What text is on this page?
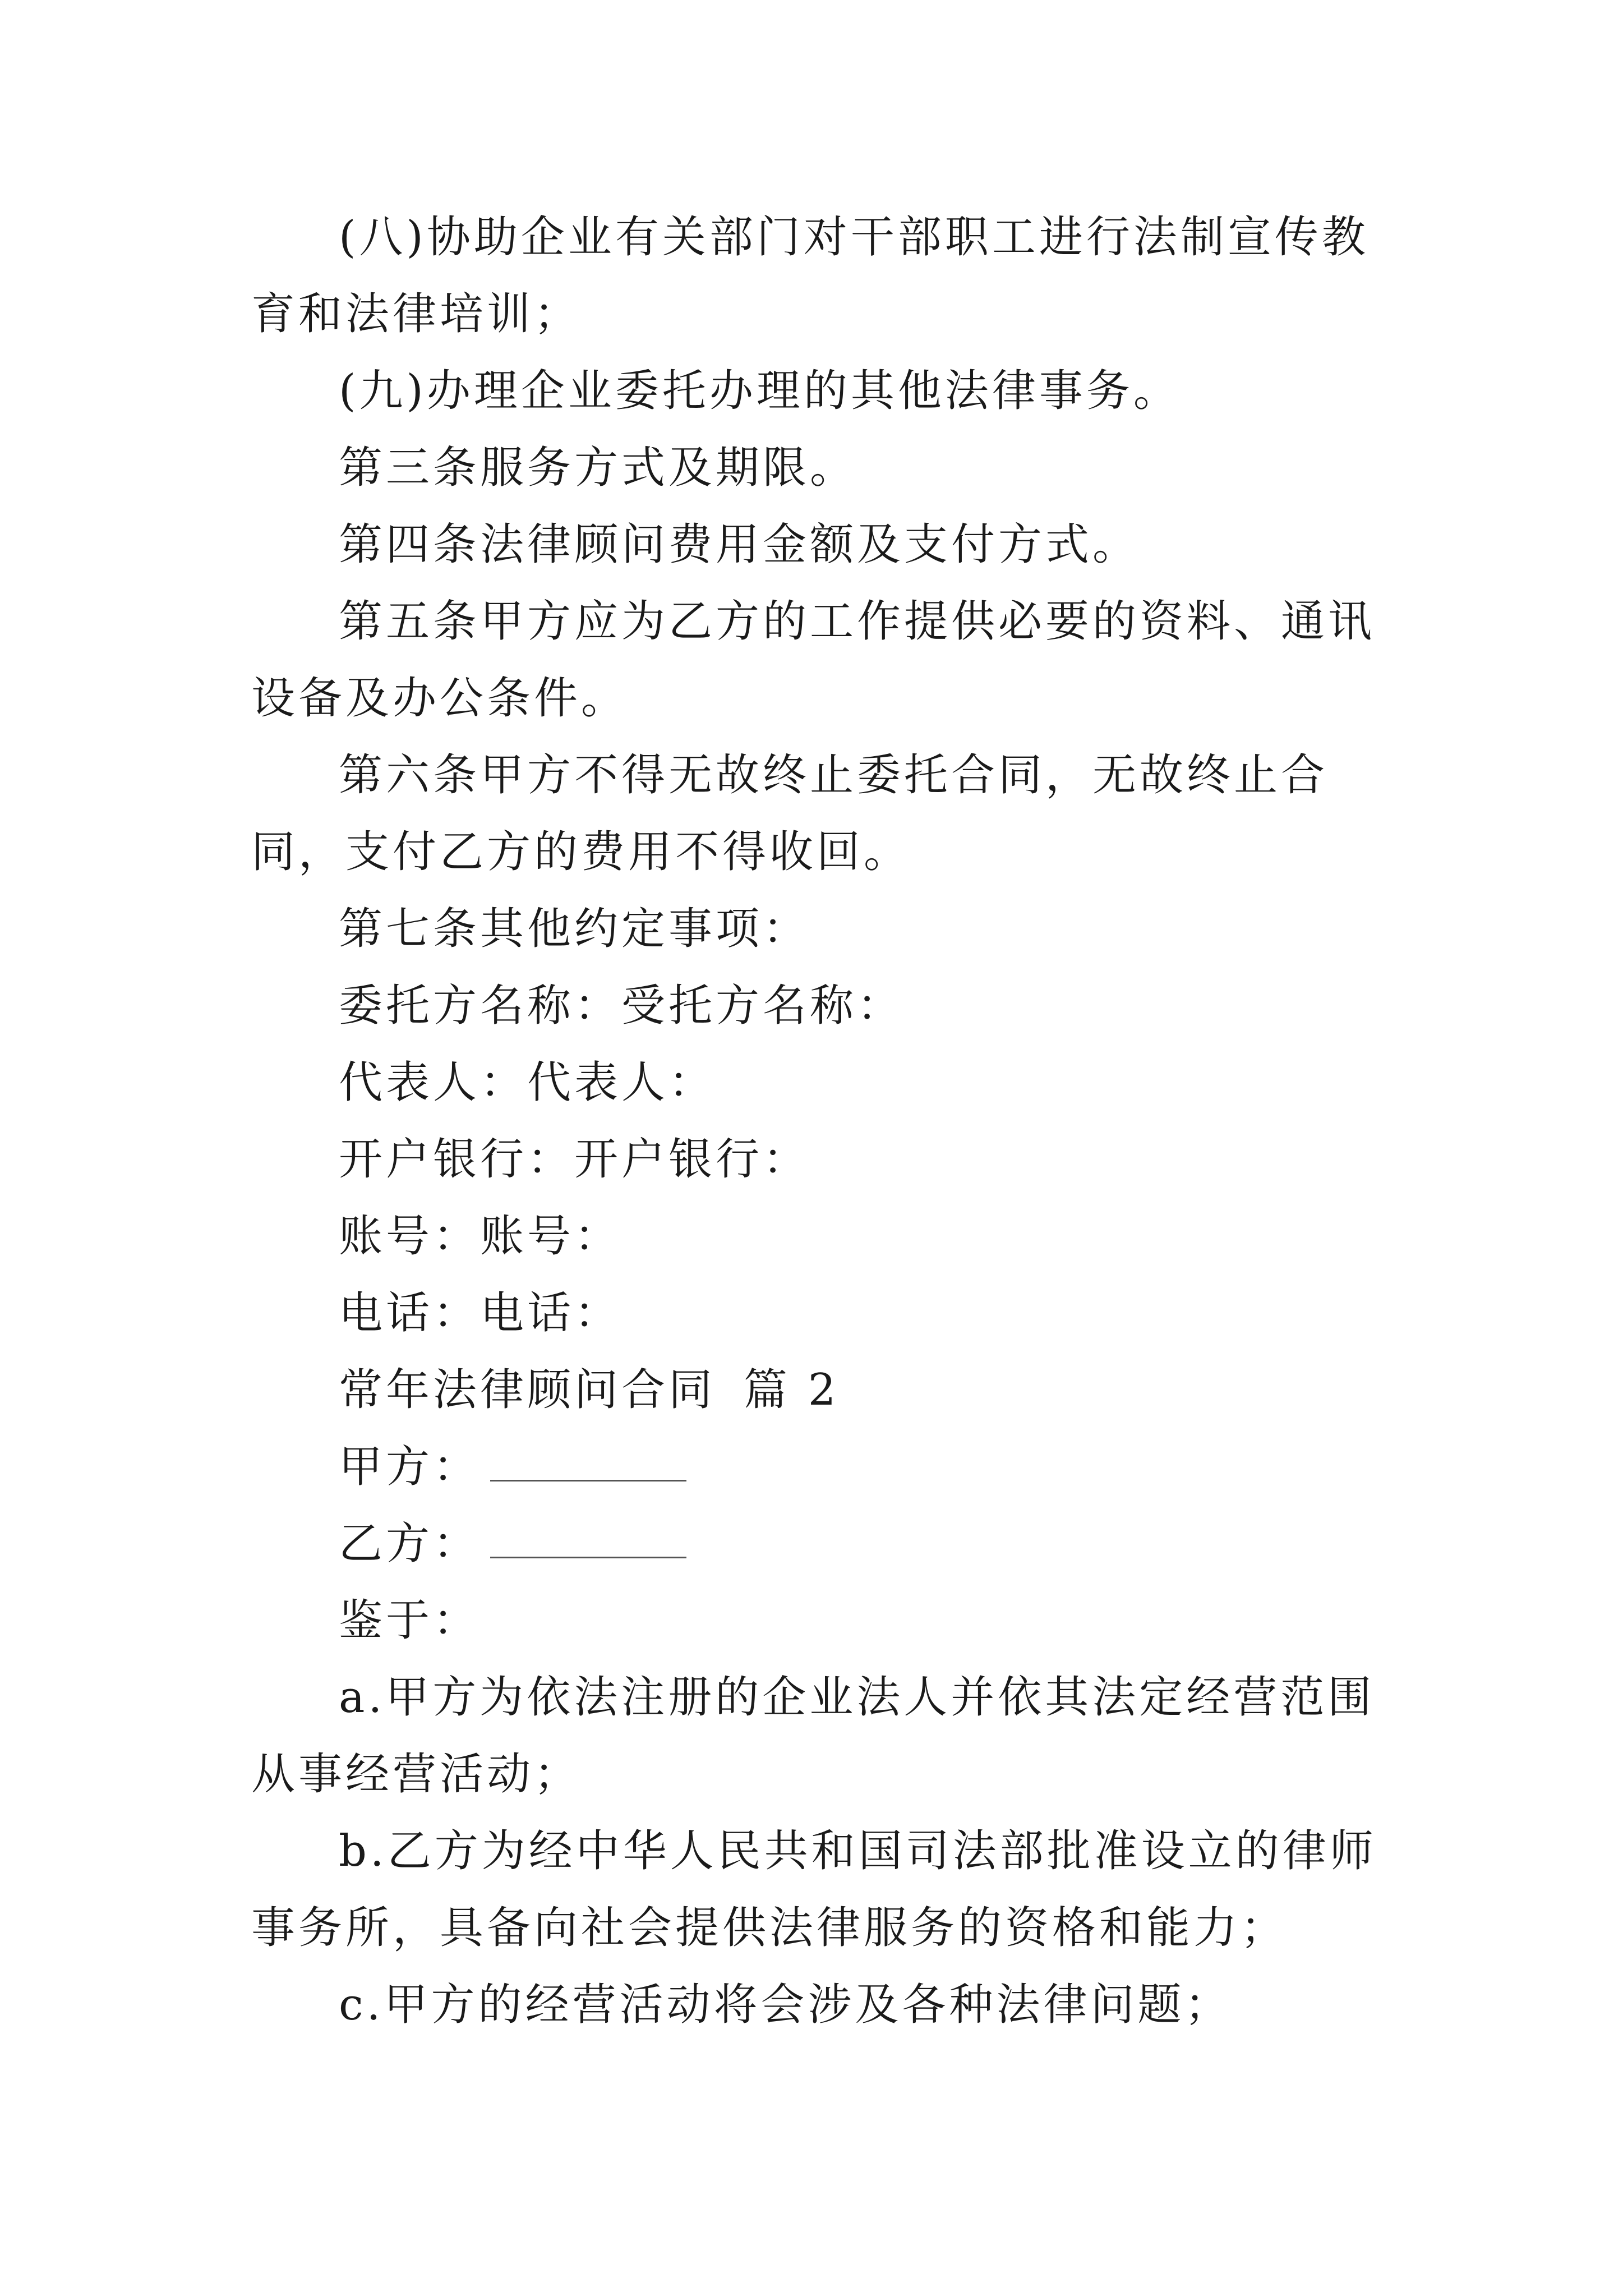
(八)协助企业有关部门对干部职工进行法制宣传教育和法律培训；

(九)办理企业委托办理的其他法律事务。

第三条服务方式及期限。

第四条法律顾问费用金额及支付方式。

第五条甲方应为乙方的工作提供必要的资料、通讯设备及办公条件。

第六条甲方不得无故终止委托合同，无故终止合同，支付乙方的费用不得收回。

第七条其他约定事项：

委托方名称：受托方名称：

代表人：代表人：

开户银行：开户银行：

账号：账号：

电话：电话：

常年法律顾问合同 篇 2

甲方：

乙方：

鉴于：

a.甲方为依法注册的企业法人并依其法定经营范围从事经营活动；

b.乙方为经中华人民共和国司法部批准设立的律师事务所，具备向社会提供法律服务的资格和能力；

c.甲方的经营活动将会涉及各种法律问题；
